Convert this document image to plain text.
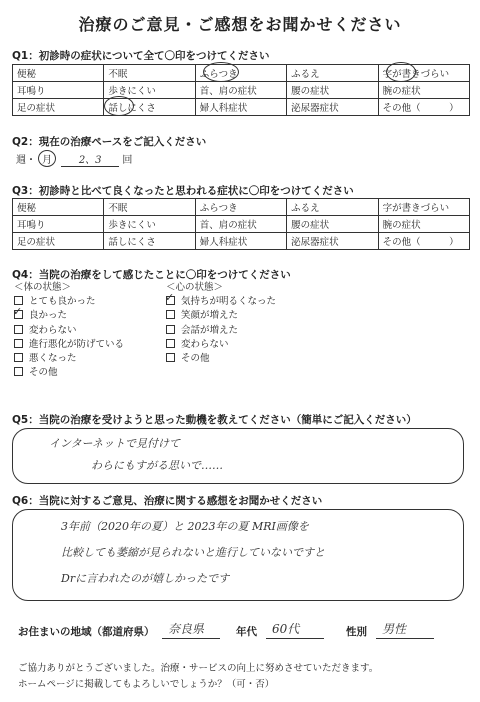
治療のご意見・ご感想をお聞かせください
Q1：初診時の症状について全て〇印をつけてください
便秘	不眠	ふらつき	ふるえ	字が書きづらい
耳鳴り	歩きにくい	首、肩の症状	腰の症状	腕の症状
足の症状	話しにくさ	婦人科症状	泌尿器症状	その他（　　　）
Q2：現在の治療ペースをご記入ください
週・ 月	2、3 回
Q3：初診時と比べて良くなったと思われる症状に〇印をつけてください
便秘	不眠	ふらつき	ふるえ	字が書きづらい
耳鳴り	歩きにくい	首、肩の症状	腰の症状	腕の症状
足の症状	話しにくさ	婦人科症状	泌尿器症状	その他（　　　）
Q4：当院の治療をして感じたことに〇印をつけてください
＜体の状態＞
とても良かった
✓ 良かった
変わらない
進行悪化が防げている
悪くなった
その他
＜心の状態＞
✓ 気持ちが明るくなった
笑顔が増えた
会話が増えた
変わらない
その他
Q5：当院の治療を受けようと思った動機を教えてください（簡単にご記入ください）
インターネットで見付けて
わらにもすがる思いで……
Q6：当院に対するご意見、治療に関する感想をお聞かせください
3年前（2020年の夏）と 2023年の夏 MRI画像を
比較しても萎縮が見られないと進行していないですと
Drに言われたのが嬉しかったです
お住まいの地域（都道府県） 奈良県	年代 60代	性別 男性
ご協力ありがとうございました。治療・サービスの向上に努めさせていただきます。
ホームページに掲載してもよろしいでしょうか？（可・否）
